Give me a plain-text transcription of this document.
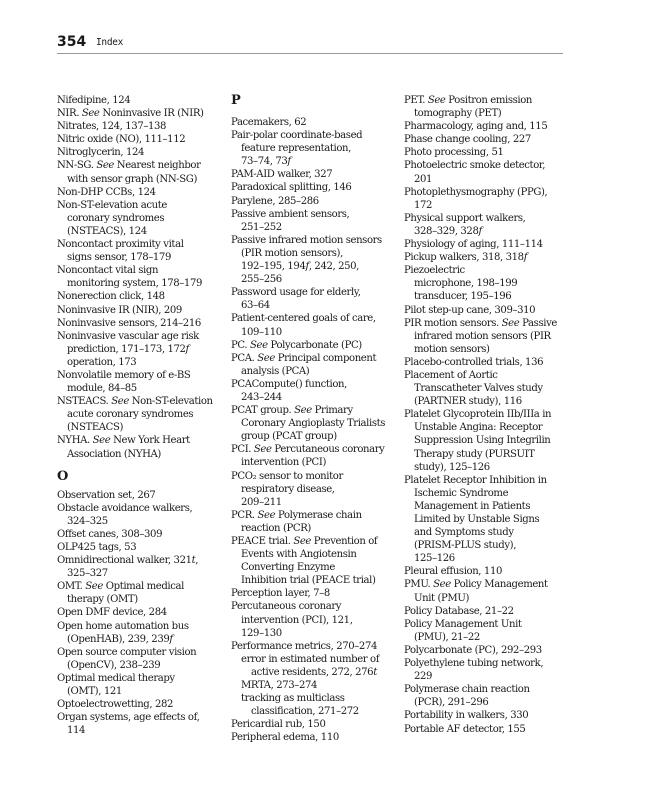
354 Index
Nifedipine, 124
NIR. See Noninvasive IR (NIR)
Nitrates, 124, 137–138
Nitric oxide (NO), 111–112
Nitroglycerin, 124
NN-SG. See Nearest neighbor
with sensor graph (NN-SG)
Non-DHP CCBs, 124
Non-ST-elevation acute
coronary syndromes
(NSTEACS), 124
Noncontact proximity vital
signs sensor, 178–179
Noncontact vital sign
monitoring system, 178–179
Nonerection click, 148
Noninvasive IR (NIR), 209
Noninvasive sensors, 214–216
Noninvasive vascular age risk
prediction, 171–173, 172f
operation, 173
Nonvolatile memory of e-BS
module, 84–85
NSTEACS. See Non-ST-elevation
acute coronary syndromes
(NSTEACS)
NYHA. See New York Heart
Association (NYHA)
O
Observation set, 267
Obstacle avoidance walkers,
324–325
Offset canes, 308–309
OLP425 tags, 53
Omnidirectional walker, 321t,
325–327
OMT. See Optimal medical
therapy (OMT)
Open DMF device, 284
Open home automation bus
(OpenHAB), 239, 239f
Open source computer vision
(OpenCV), 238–239
Optimal medical therapy
(OMT), 121
Optoelectrowetting, 282
Organ systems, age effects of,
114
P
Pacemakers, 62
Pair-polar coordinate-based
feature representation,
73–74, 73f
PAM-AID walker, 327
Paradoxical splitting, 146
Parylene, 285–286
Passive ambient sensors,
251–252
Passive infrared motion sensors
(PIR motion sensors),
192–195, 194f, 242, 250,
255–256
Password usage for elderly,
63–64
Patient-centered goals of care,
109–110
PC. See Polycarbonate (PC)
PCA. See Principal component
analysis (PCA)
PCACompute() function,
243–244
PCAT group. See Primary
Coronary Angioplasty Trialists
group (PCAT group)
PCI. See Percutaneous coronary
intervention (PCI)
PCO₂ sensor to monitor
respiratory disease,
209–211
PCR. See Polymerase chain
reaction (PCR)
PEACE trial. See Prevention of
Events with Angiotensin
Converting Enzyme
Inhibition trial (PEACE trial)
Perception layer, 7–8
Percutaneous coronary
intervention (PCI), 121,
129–130
Performance metrics, 270–274
error in estimated number of
active residents, 272, 276t
MRTA, 273–274
tracking as multiclass
classification, 271–272
Pericardial rub, 150
Peripheral edema, 110
PET. See Positron emission
tomography (PET)
Pharmacology, aging and, 115
Phase change cooling, 227
Photo processing, 51
Photoelectric smoke detector,
201
Photoplethysmography (PPG),
172
Physical support walkers,
328–329, 328f
Physiology of aging, 111–114
Pickup walkers, 318, 318f
Piezoelectric
microphone, 198–199
transducer, 195–196
Pilot step-up cane, 309–310
PIR motion sensors. See Passive
infrared motion sensors (PIR
motion sensors)
Placebo-controlled trials, 136
Placement of Aortic
Transcatheter Valves study
(PARTNER study), 116
Platelet Glycoprotein IIb/IIIa in
Unstable Angina: Receptor
Suppression Using Integrilin
Therapy study (PURSUIT
study), 125–126
Platelet Receptor Inhibition in
Ischemic Syndrome
Management in Patients
Limited by Unstable Signs
and Symptoms study
(PRISM-PLUS study),
125–126
Pleural effusion, 110
PMU. See Policy Management
Unit (PMU)
Policy Database, 21–22
Policy Management Unit
(PMU), 21–22
Polycarbonate (PC), 292–293
Polyethylene tubing network,
229
Polymerase chain reaction
(PCR), 291–296
Portability in walkers, 330
Portable AF detector, 155
